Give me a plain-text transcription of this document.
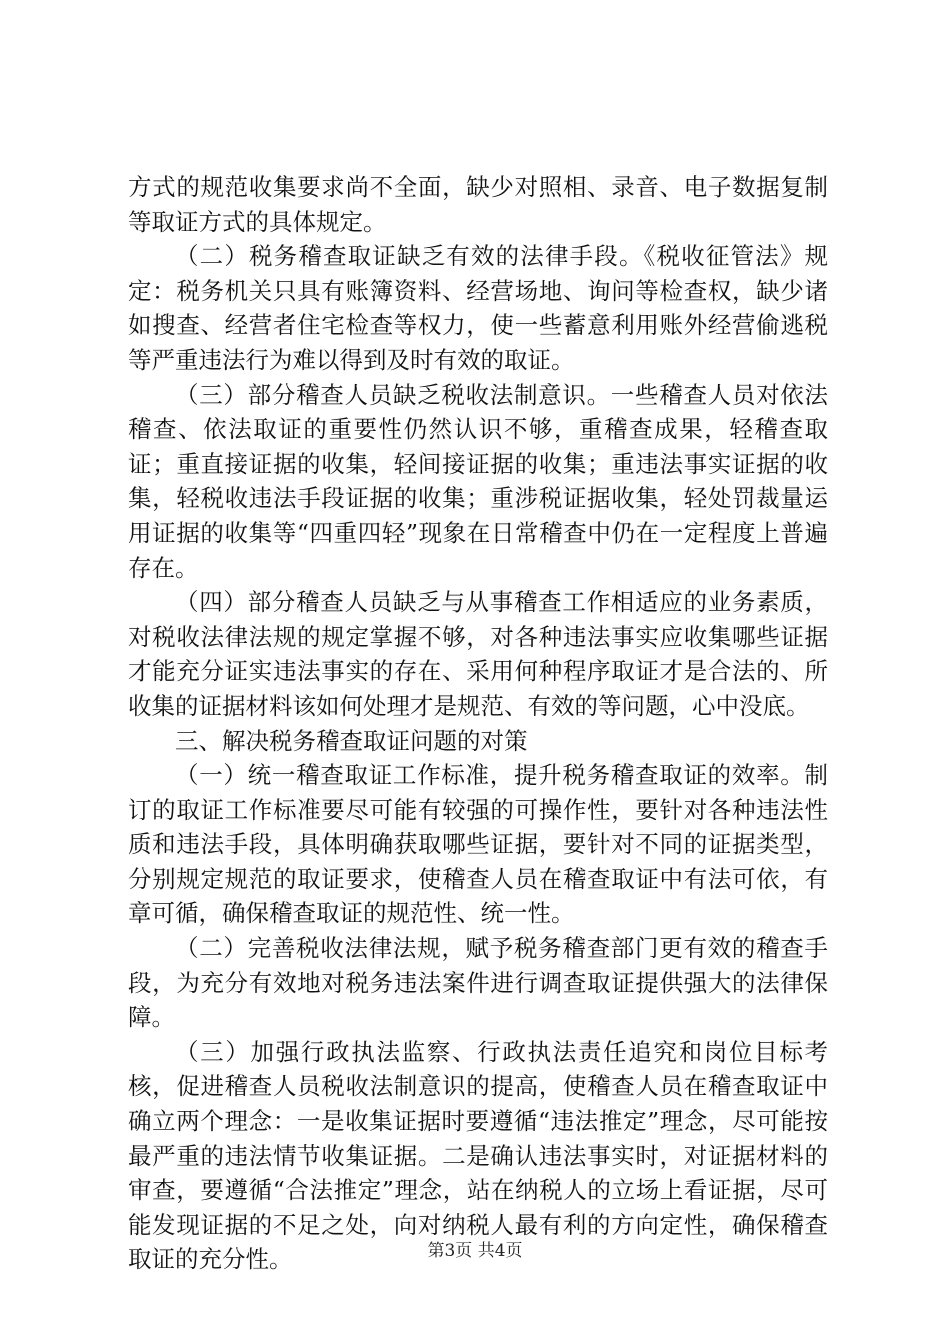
方式的规范收集要求尚不全面，缺少对照相、录音、电子数据复制等取证方式的具体规定。

（二）税务稽查取证缺乏有效的法律手段。《税收征管法》规定：税务机关只具有账簿资料、经营场地、询问等检查权，缺少诸如搜查、经营者住宅检查等权力，使一些蓄意利用账外经营偷逃税等严重违法行为难以得到及时有效的取证。

（三）部分稽查人员缺乏税收法制意识。一些稽查人员对依法稽查、依法取证的重要性仍然认识不够，重稽查成果，轻稽查取证；重直接证据的收集，轻间接证据的收集；重违法事实证据的收集，轻税收违法手段证据的收集；重涉税证据收集，轻处罚裁量运用证据的收集等“四重四轻”现象在日常稽查中仍在一定程度上普遍存在。

（四）部分稽查人员缺乏与从事稽查工作相适应的业务素质，对税收法律法规的规定掌握不够，对各种违法事实应收集哪些证据才能充分证实违法事实的存在、采用何种程序取证才是合法的、所收集的证据材料该如何处理才是规范、有效的等问题，心中没底。

三、解决税务稽查取证问题的对策

（一）统一稽查取证工作标准，提升税务稽查取证的效率。制订的取证工作标准要尽可能有较强的可操作性，要针对各种违法性质和违法手段，具体明确获取哪些证据，要针对不同的证据类型，分别规定规范的取证要求，使稽查人员在稽查取证中有法可依，有章可循，确保稽查取证的规范性、统一性。

（二）完善税收法律法规，赋予税务稽查部门更有效的稽查手段，为充分有效地对税务违法案件进行调查取证提供强大的法律保障。

（三）加强行政执法监察、行政执法责任追究和岗位目标考核，促进稽查人员税收法制意识的提高，使稽查人员在稽查取证中确立两个理念：一是收集证据时要遵循“违法推定”理念，尽可能按最严重的违法情节收集证据。二是确认违法事实时，对证据材料的审查，要遵循“合法推定”理念，站在纳税人的立场上看证据，尽可能发现证据的不足之处，向对纳税人最有利的方向定性，确保稽查取证的充分性。	第3页 共4页
